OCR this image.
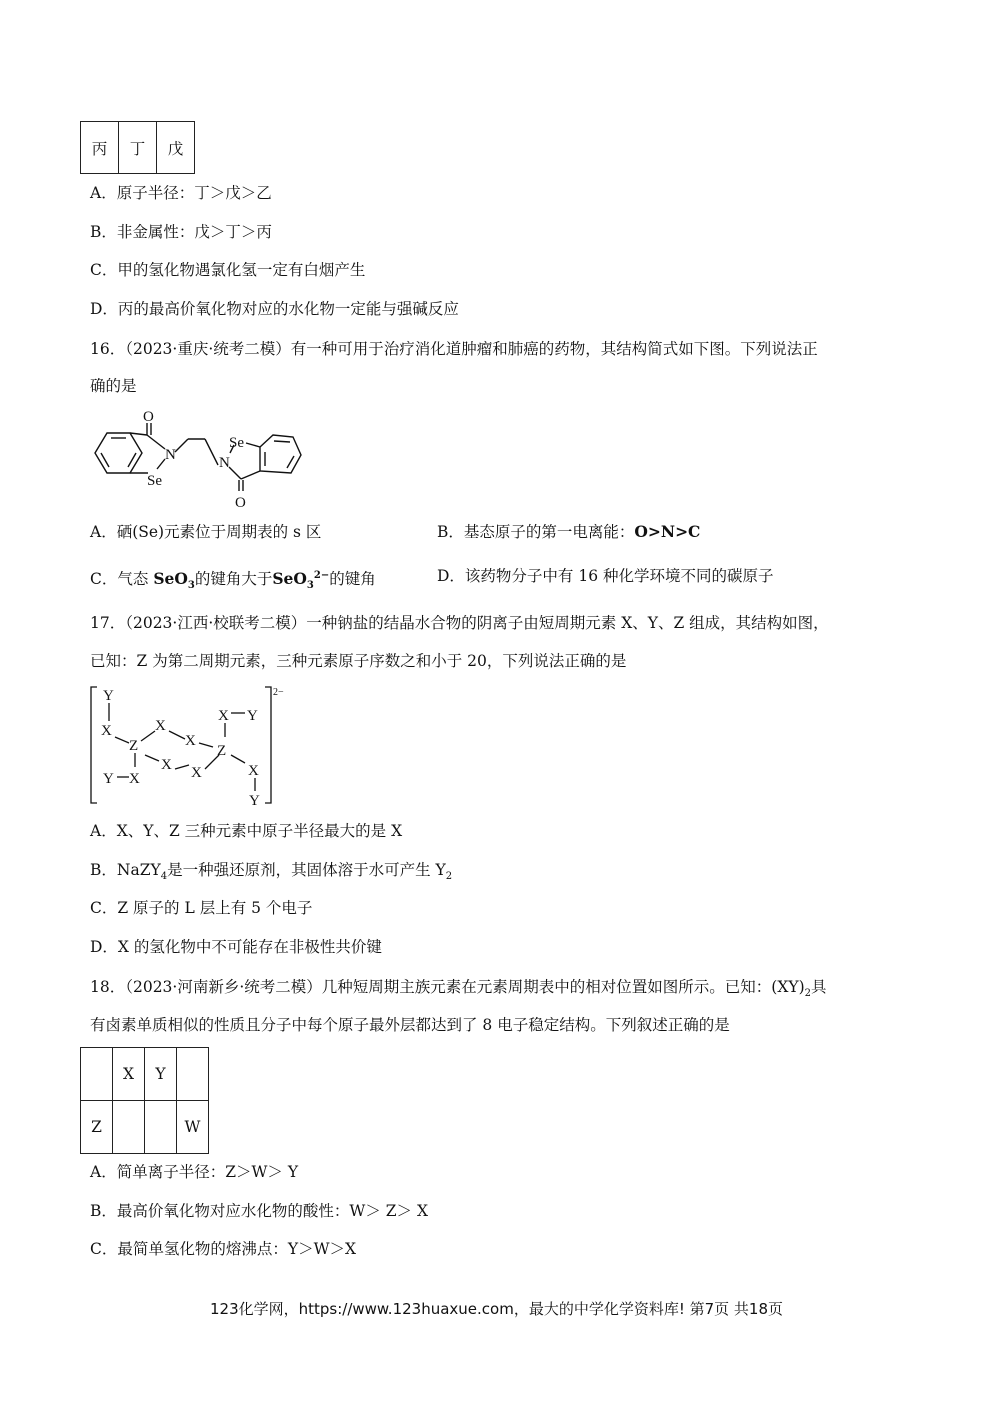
丙	丁	戊
A．原子半径：丁＞戊＞乙
B．非金属性：戊＞丁＞丙
C．甲的氢化物遇氯化氢一定有白烟产生
D．丙的最高价氧化物对应的水化物一定能与强碱反应
16．（2023·重庆·统考二模）有一种可用于治疗消化道肿瘤和肺癌的药物，其结构简式如下图。下列说法正
确的是
O
N
Se
Se
N
O
A．硒(Se)元素位于周期表的 s 区	B．基态原子的第一电离能：O>N>C
C．气态 SeO$_3$的键角大于SeO$_3^{2-}$的键角	D．该药物分子中有 16 种化学环境不同的碳原子
17．（2023·江西·校联考二模）一种钠盐的结晶水合物的阴离子由短周期元素 X、Y、Z 组成，其结构如图，
已知：Z 为第二周期元素，三种元素原子序数之和小于 20，下列说法正确的是
Y
X
Z
X
X
X Y
Z
Y X
X X	X
Y
2−
A．X、Y、Z 三种元素中原子半径最大的是 X
B．NaZY$_4$是一种强还原剂，其固体溶于水可产生 $Y_2$
C．Z 原子的 L 层上有 5 个电子
D．X 的氢化物中不可能存在非极性共价键
18．（2023·河南新乡·统考二模）几种短周期主族元素在元素周期表中的相对位置如图所示。已知：$(XY)_2$具
有卤素单质相似的性质且分子中每个原子最外层都达到了 8 电子稳定结构。下列叙述正确的是
	X	Y	
Z			W
A．简单离子半径：Z＞W＞ Y
B．最高价氧化物对应水化物的酸性：W＞ Z＞ X
C．最简单氢化物的熔沸点：Y＞W＞X
123化学网，https://www.123huaxue.com，最大的中学化学资料库! 第7页 共18页
